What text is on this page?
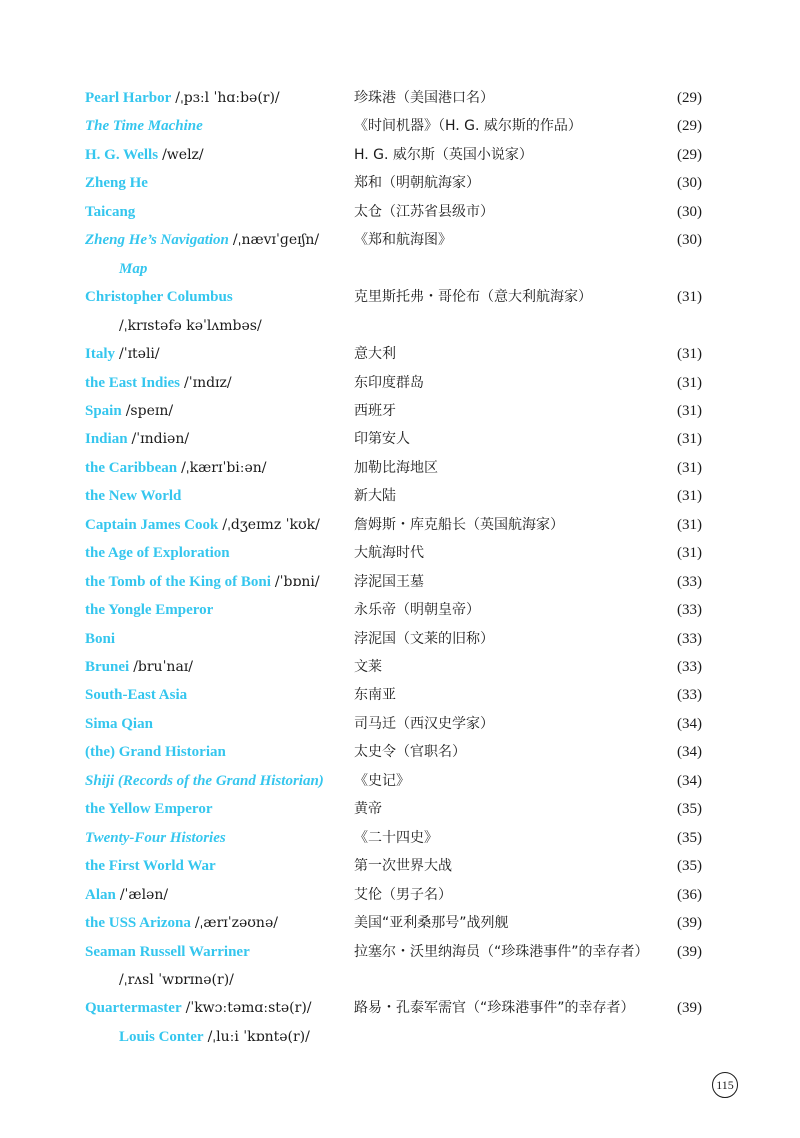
Pearl Harbor /ˌpɜːl ˈhɑːbə(r)/	珍珠港（美国港口名）	(29)
The Time Machine	《时间机器》（H. G. 威尔斯的作品）	(29)
H. G. Wells /welz/	H. G. 威尔斯（英国小说家）	(29)
Zheng He	郑和（明朝航海家）	(30)
Taicang	太仓（江苏省县级市）	(30)
Zheng He’s Navigation /ˌnævɪˈɡeɪʃn/ 《郑和航海图》	(30)
Map
Christopher Columbus	克里斯托弗・哥伦布（意大利航海家）	(31)
/ˌkrɪstəfə kəˈlʌmbəs/
Italy /ˈɪtəli/	意大利	(31)
the East Indies /ˈɪndɪz/	东印度群岛	(31)
Spain /speɪn/	西班牙	(31)
Indian /ˈɪndiən/	印第安人	(31)
the Caribbean /ˌkærɪˈbiːən/	加勒比海地区	(31)
the New World	新大陆	(31)
Captain James Cook /ˌdʒeɪmz ˈkʊk/ 詹姆斯・库克船长（英国航海家）	(31)
the Age of Exploration	大航海时代	(31)
the Tomb of the King of Boni /ˈbɒni/ 浡泥国王墓	(33)
the Yongle Emperor	永乐帝（明朝皇帝）	(33)
Boni	浡泥国（文莱的旧称）	(33)
Brunei /bruˈnaɪ/	文莱	(33)
South-East Asia	东南亚	(33)
Sima Qian	司马迁（西汉史学家）	(34)
(the) Grand Historian	太史令（官职名）	(34)
Shiji (Records of the Grand Historian) 《史记》	(34)
the Yellow Emperor	黄帝	(35)
Twenty-Four Histories	《二十四史》	(35)
the First World War	第一次世界大战	(35)
Alan /ˈælən/	艾伦（男子名）	(36)
the USS Arizona /ˌærɪˈzəʊnə/	美国“亚利桑那号”战列舰	(39)
Seaman Russell Warriner	拉塞尔・沃里纳海员（“珍珠港事件”的幸存者） (39)
/ˌrʌsl ˈwɒrɪnə(r)/
Quartermaster /ˈkwɔːtəmɑːstə(r)/	路易・孔泰军需官（“珍珠港事件”的幸存者）	(39)
Louis Conter /ˌluːi ˈkɒntə(r)/
115
